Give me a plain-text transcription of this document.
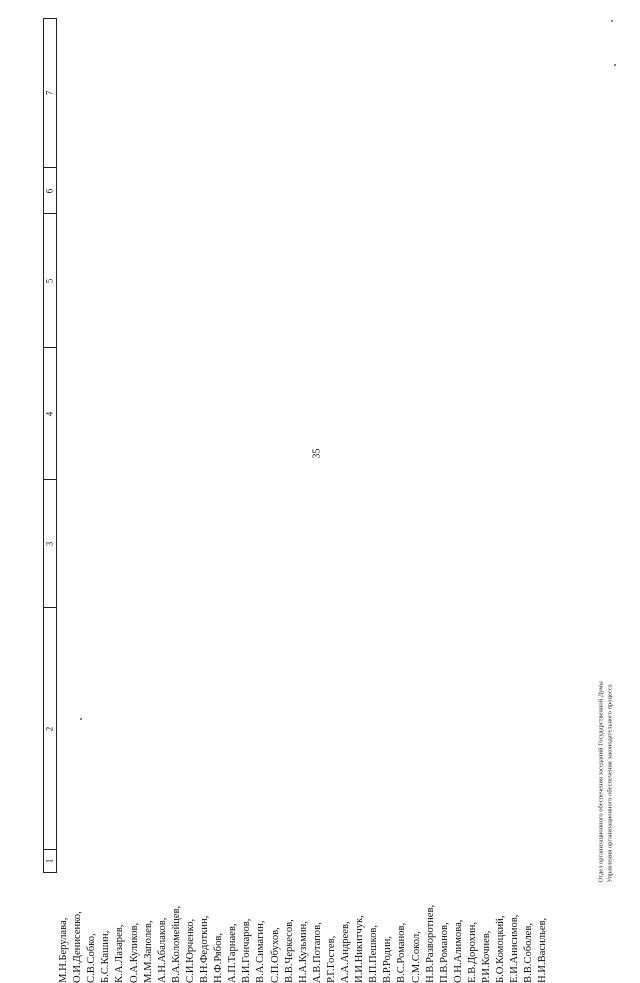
35
7
6
5
4
3
2
1
М.Н.Берулава, О.И.Денисенко, С.В.Собко, Б.С.Кашин, К.А.Лазарев, О.А.Куликов, М.М.Заполев, А.Н.Абалаков, В.А.Коломейцев, С.И.Юрченко, В.Н.Федоткин, Н.Ф.Рябов, А.П.Тарнаев, В.И.Гончаров, В.А.Симагин, С.П.Обухов, В.В.Черкесов, Н.А.Кузьмин, А.В.Потапов, Р.Г.Гостев, А.А.Андреев, И.И.Никитчук, В.П.Пешков, В.Р.Родин, В.С.Романов, С.М.Сокол, Н.В.Разворотнев, П.В.Романов, О.Н.Алимова, Е.В.Дорохин, Р.И.Кочиев, Б.О.Комоцкий, Е.И.Анисимов, В.В.Соболев, Н.И.Васильев,
Отдел организационного обеспечения заседаний Государственной Думы Управления организационного обеспечения законодательного процесса
